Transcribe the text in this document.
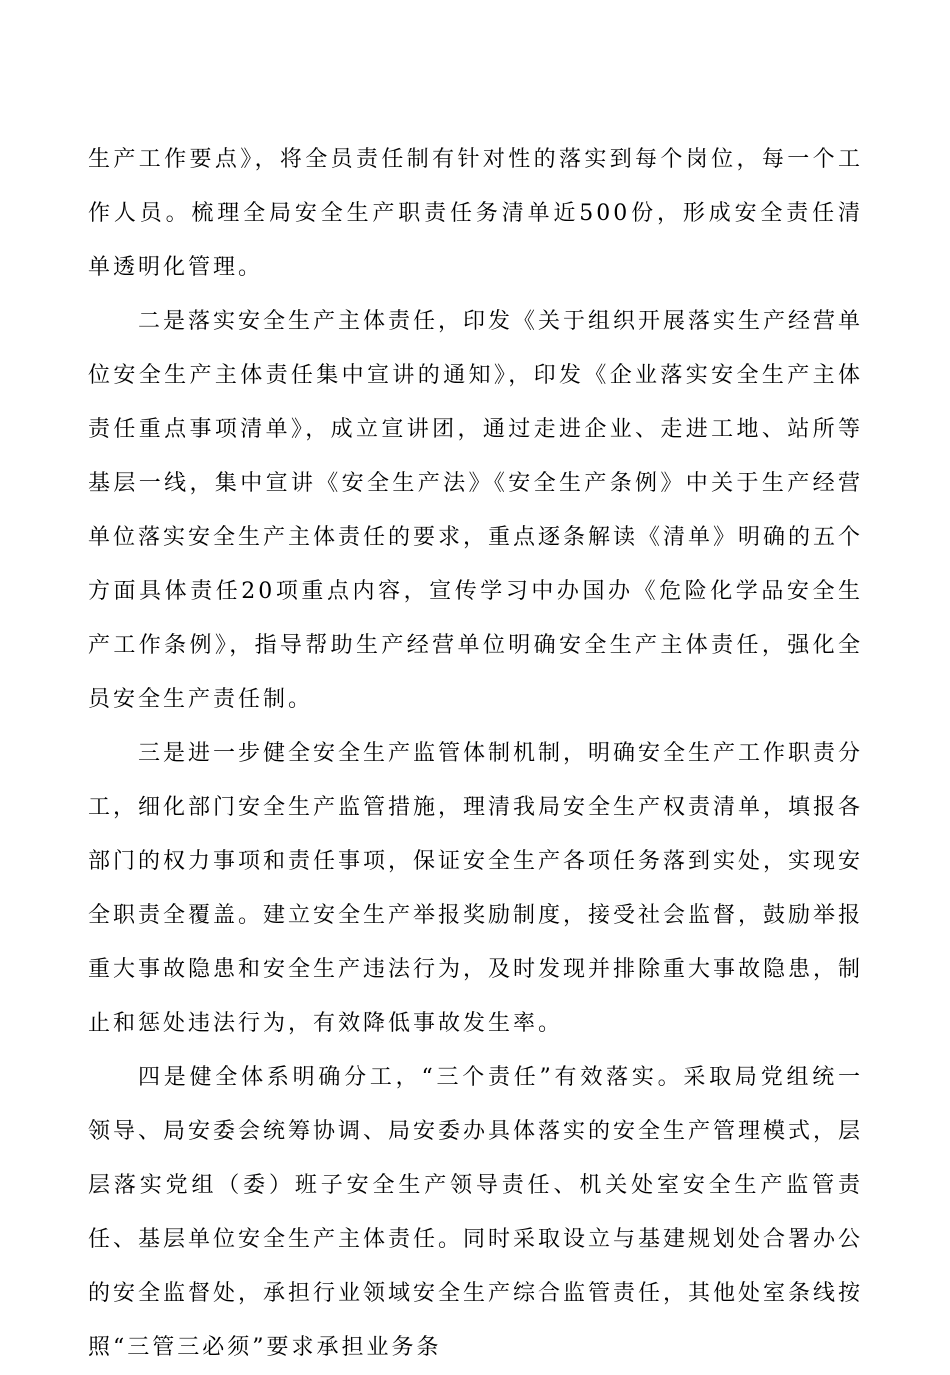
生产工作要点》，将全员责任制有针对性的落实到每个岗位，每一个工作人员。梳理全局安全生产职责任务清单近500份，形成安全责任清单透明化管理。

二是落实安全生产主体责任，印发《关于组织开展落实生产经营单位安全生产主体责任集中宣讲的通知》，印发《企业落实安全生产主体责任重点事项清单》，成立宣讲团，通过走进企业、走进工地、站所等基层一线，集中宣讲《安全生产法》《安全生产条例》中关于生产经营单位落实安全生产主体责任的要求，重点逐条解读《清单》明确的五个方面具体责任20项重点内容，宣传学习中办国办《危险化学品安全生产工作条例》，指导帮助生产经营单位明确安全生产主体责任，强化全员安全生产责任制。

三是进一步健全安全生产监管体制机制，明确安全生产工作职责分工，细化部门安全生产监管措施，理清我局安全生产权责清单，填报各部门的权力事项和责任事项，保证安全生产各项任务落到实处，实现安全职责全覆盖。建立安全生产举报奖励制度，接受社会监督，鼓励举报重大事故隐患和安全生产违法行为，及时发现并排除重大事故隐患，制止和惩处违法行为，有效降低事故发生率。

四是健全体系明确分工，“三个责任”有效落实。采取局党组统一领导、局安委会统筹协调、局安委办具体落实的安全生产管理模式，层层落实党组（委）班子安全生产领导责任、机关处室安全生产监管责任、基层单位安全生产主体责任。同时采取设立与基建规划处合署办公的安全监督处，承担行业领域安全生产综合监管责任，其他处室条线按照“三管三必须”要求承担业务条
